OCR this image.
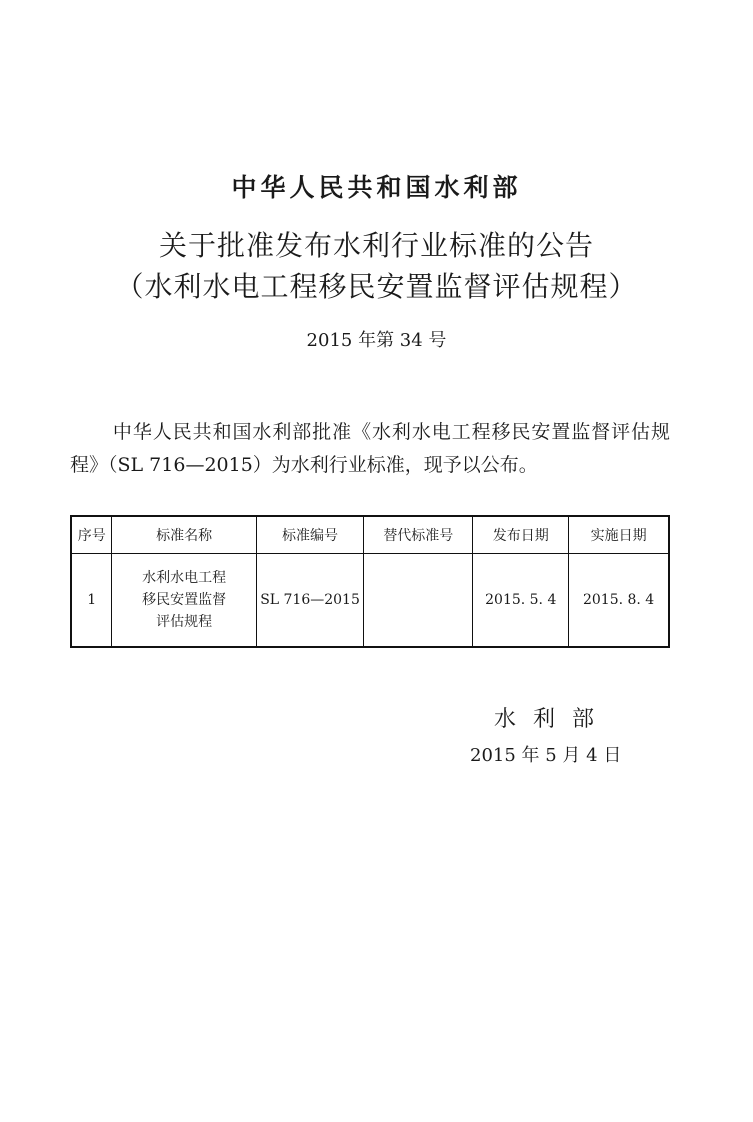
中华人民共和国水利部
关于批准发布水利行业标准的公告
（水利水电工程移民安置监督评估规程）
2015 年第 34 号
中华人民共和国水利部批准《水利水电工程移民安置监督评估规程》（SL 716—2015）为水利行业标准，现予以公布。
序号	标准名称	标准编号	替代标准号	发布日期	实施日期
1	水利水电工程
移民安置监督
评估规程	SL 716—2015		2015. 5. 4	2015. 8. 4
水 利 部
2015 年 5 月 4 日
